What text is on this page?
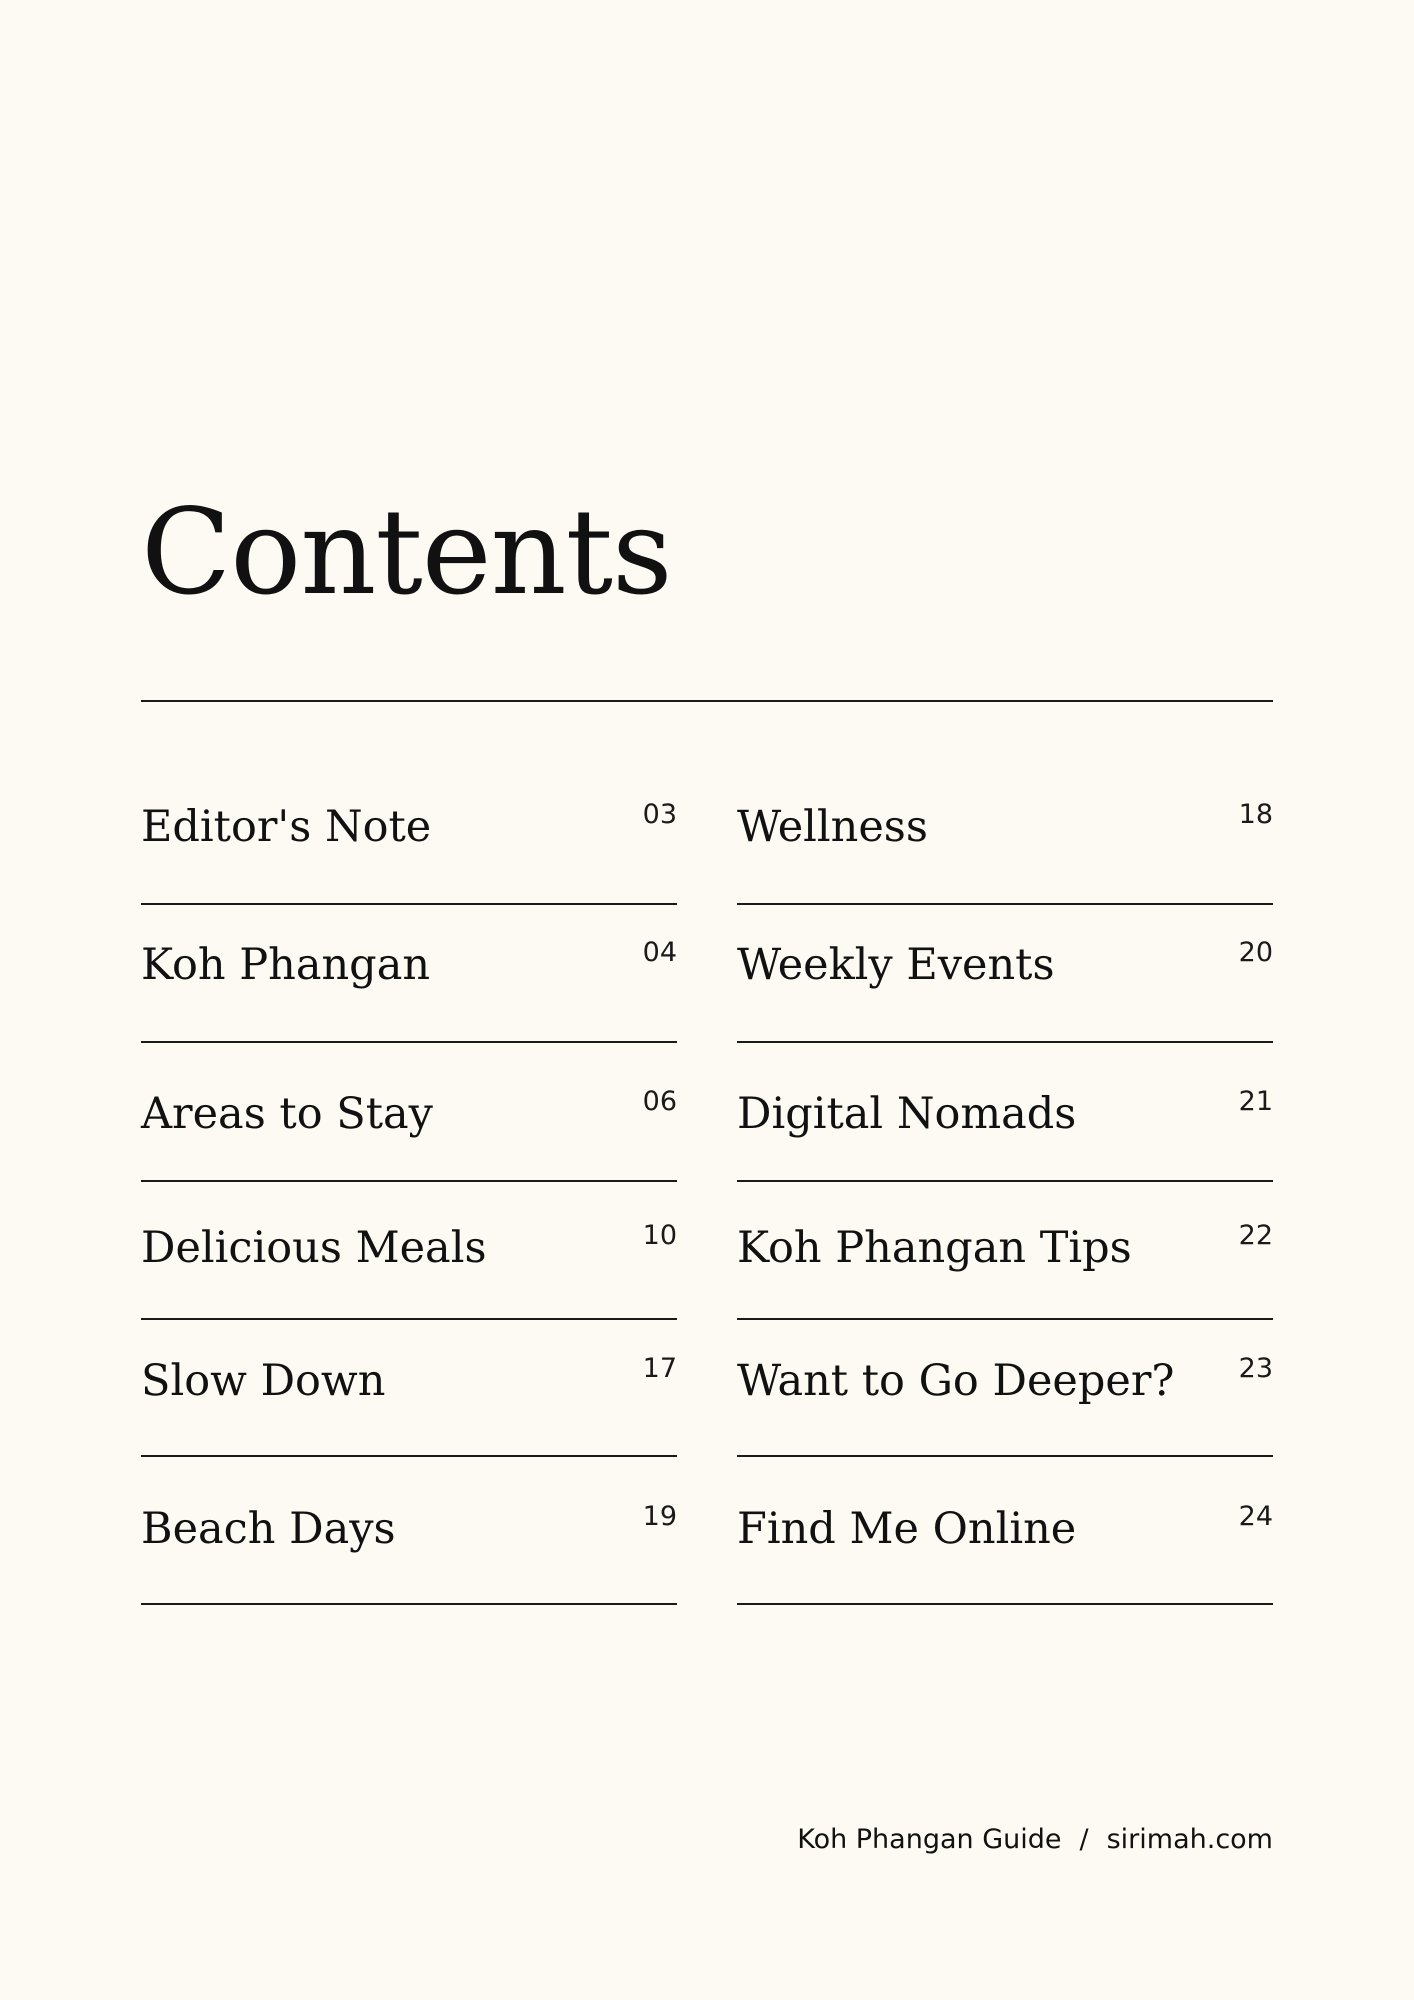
Contents
Editor's Note	03
Koh Phangan	04
Areas to Stay	06
Delicious Meals	10
Slow Down	17
Beach Days	19
Wellness	18
Weekly Events	20
Digital Nomads	21
Koh Phangan Tips	22
Want to Go Deeper? 23
Find Me Online	24
Koh Phangan Guide / sirimah.com
